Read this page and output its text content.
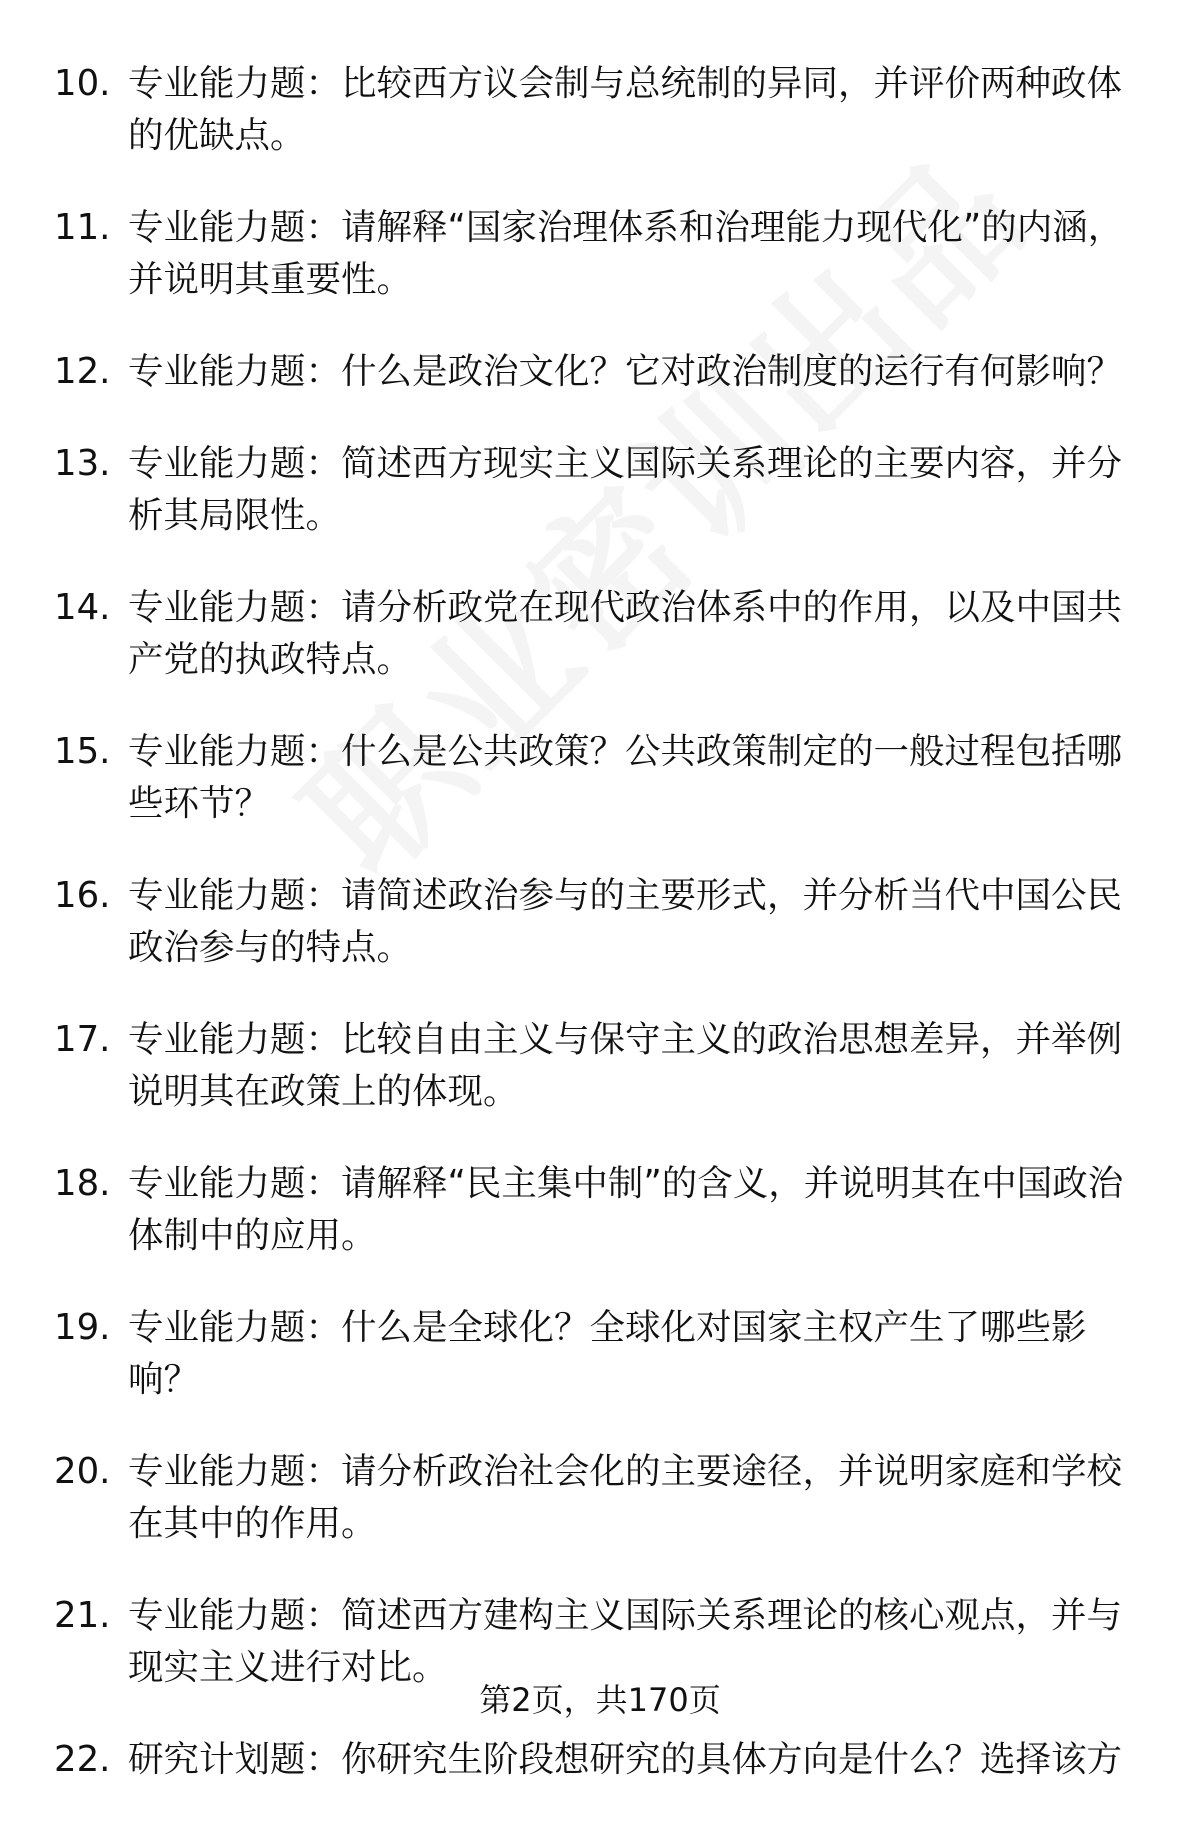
10. 专业能力题：比较西方议会制与总统制的异同，并评价两种政体的优缺点。
11. 专业能力题：请解释“国家治理体系和治理能力现代化”的内涵，并说明其重要性。
12. 专业能力题：什么是政治文化？它对政治制度的运行有何影响？
13. 专业能力题：简述西方现实主义国际关系理论的主要内容，并分析其局限性。
14. 专业能力题：请分析政党在现代政治体系中的作用，以及中国共产党的执政特点。
15. 专业能力题：什么是公共政策？公共政策制定的一般过程包括哪些环节？
16. 专业能力题：请简述政治参与的主要形式，并分析当代中国公民政治参与的特点。
17. 专业能力题：比较自由主义与保守主义的政治思想差异，并举例说明其在政策上的体现。
18. 专业能力题：请解释“民主集中制”的含义，并说明其在中国政治体制中的应用。
19. 专业能力题：什么是全球化？全球化对国家主权产生了哪些影响？
20. 专业能力题：请分析政治社会化的主要途径，并说明家庭和学校在其中的作用。
21. 专业能力题：简述西方建构主义国际关系理论的核心观点，并与现实主义进行对比。
22. 研究计划题：你研究生阶段想研究的具体方向是什么？选择该方
第2页，共170页
